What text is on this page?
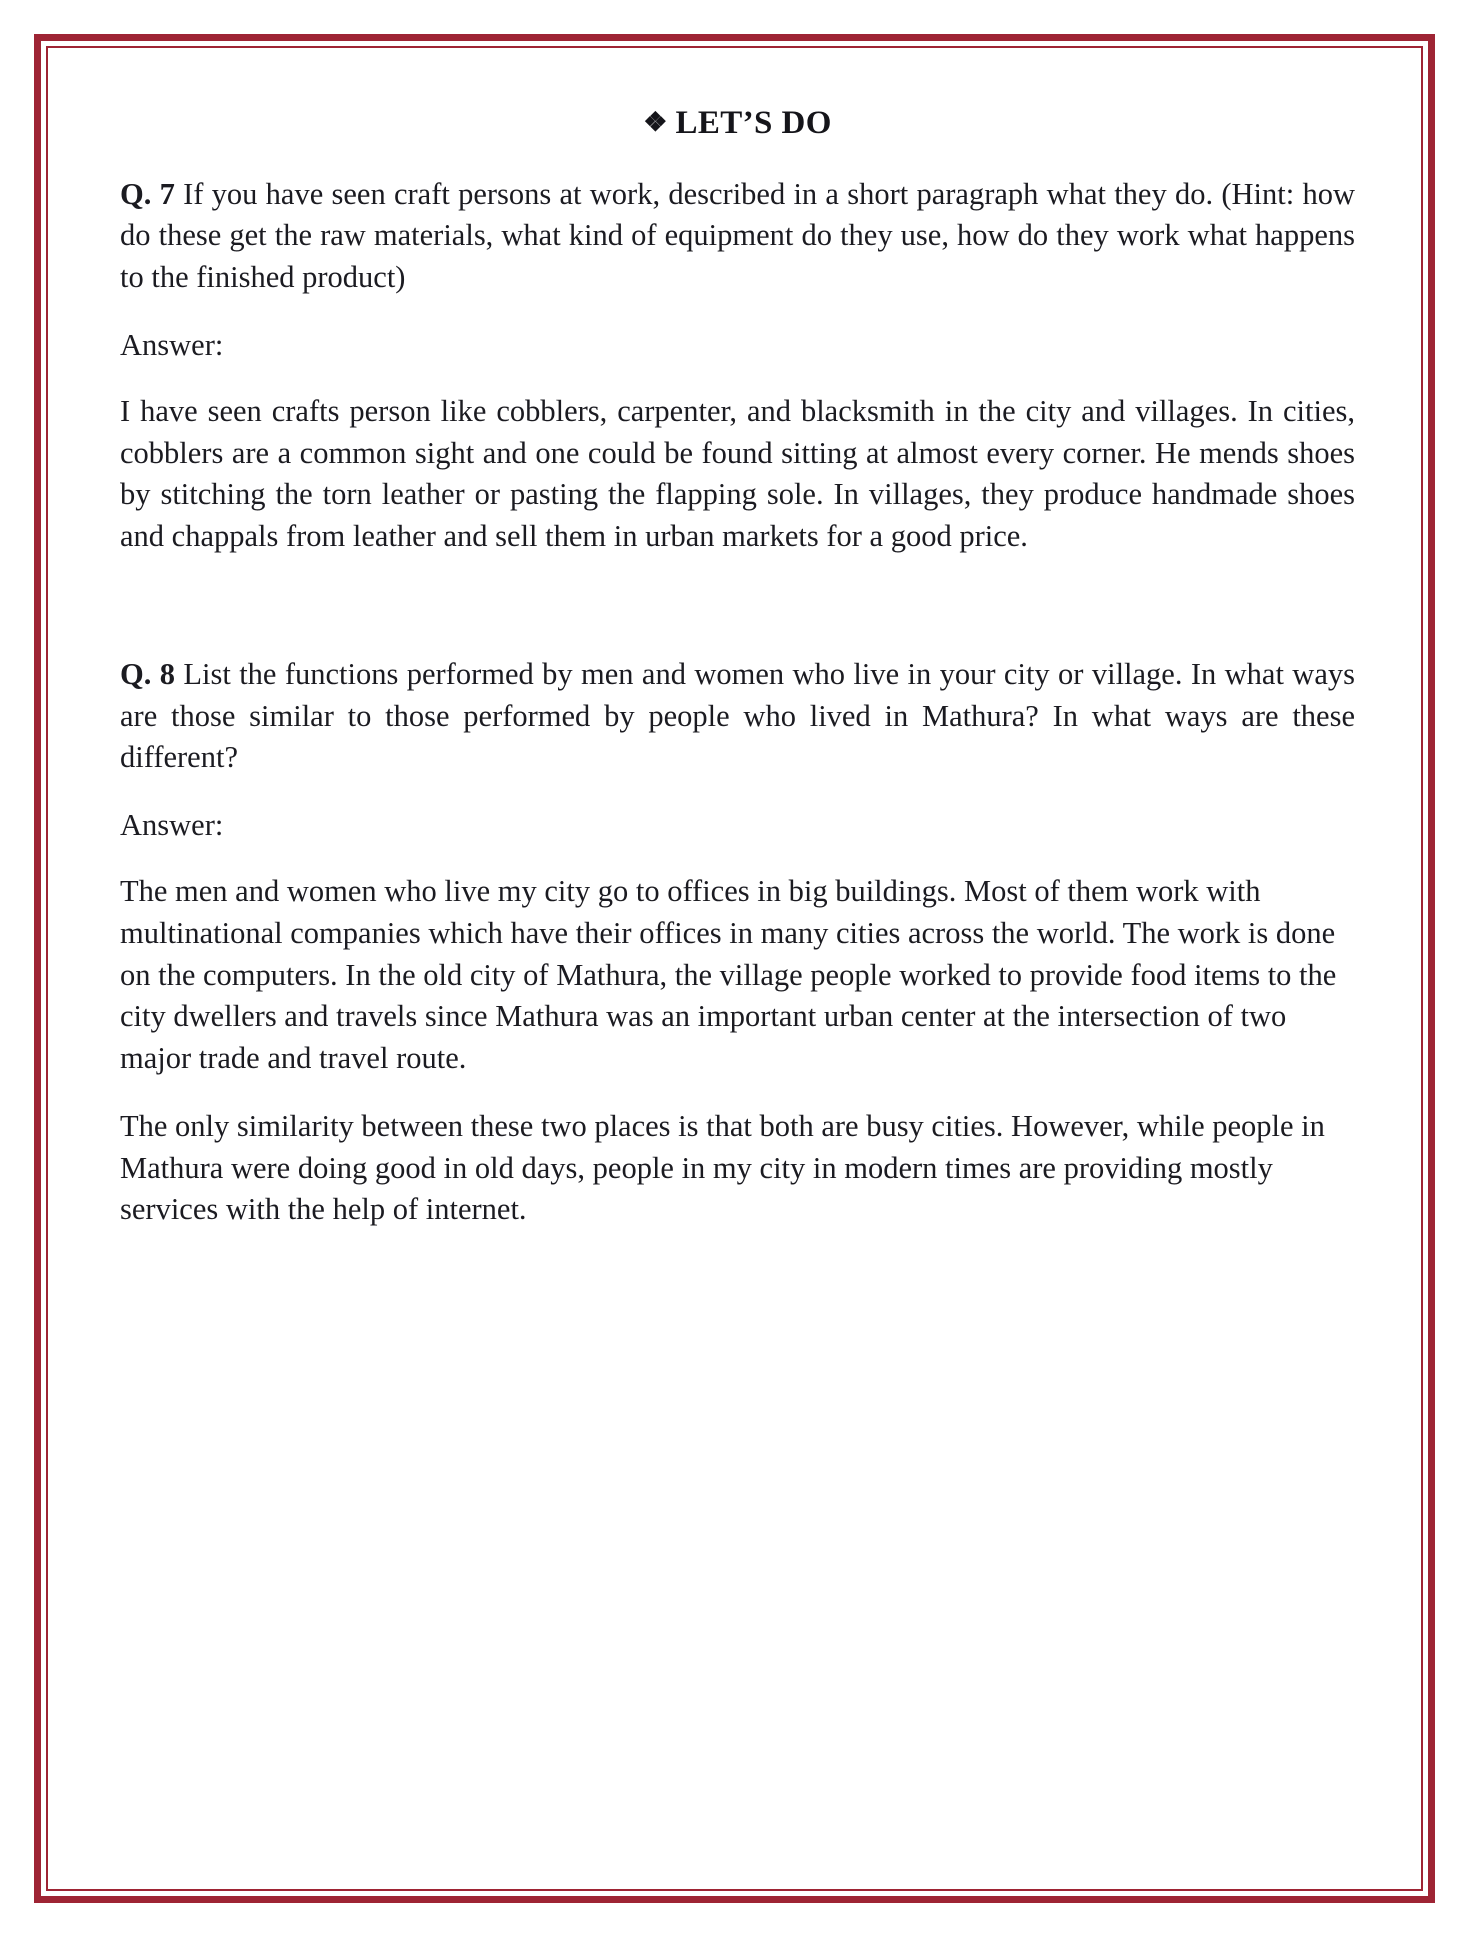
❖ LET’S DO

Q. 7 If you have seen craft persons at work, described in a short paragraph what they do. (Hint: how do these get the raw materials, what kind of equipment do they use, how do they work what happens to the finished product)

Answer:

I have seen crafts person like cobblers, carpenter, and blacksmith in the city and villages. In cities, cobblers are a common sight and one could be found sitting at almost every corner. He mends shoes by stitching the torn leather or pasting the flapping sole. In villages, they produce handmade shoes and chappals from leather and sell them in urban markets for a good price.

Q. 8 List the functions performed by men and women who live in your city or village. In what ways are those similar to those performed by people who lived in Mathura? In what ways are these different?

Answer:

The men and women who live my city go to offices in big buildings. Most of them work with multinational companies which have their offices in many cities across the world. The work is done on the computers. In the old city of Mathura, the village people worked to provide food items to the city dwellers and travels since Mathura was an important urban center at the intersection of two major trade and travel route.

The only similarity between these two places is that both are busy cities. However, while people in Mathura were doing good in old days, people in my city in modern times are providing mostly services with the help of internet.
